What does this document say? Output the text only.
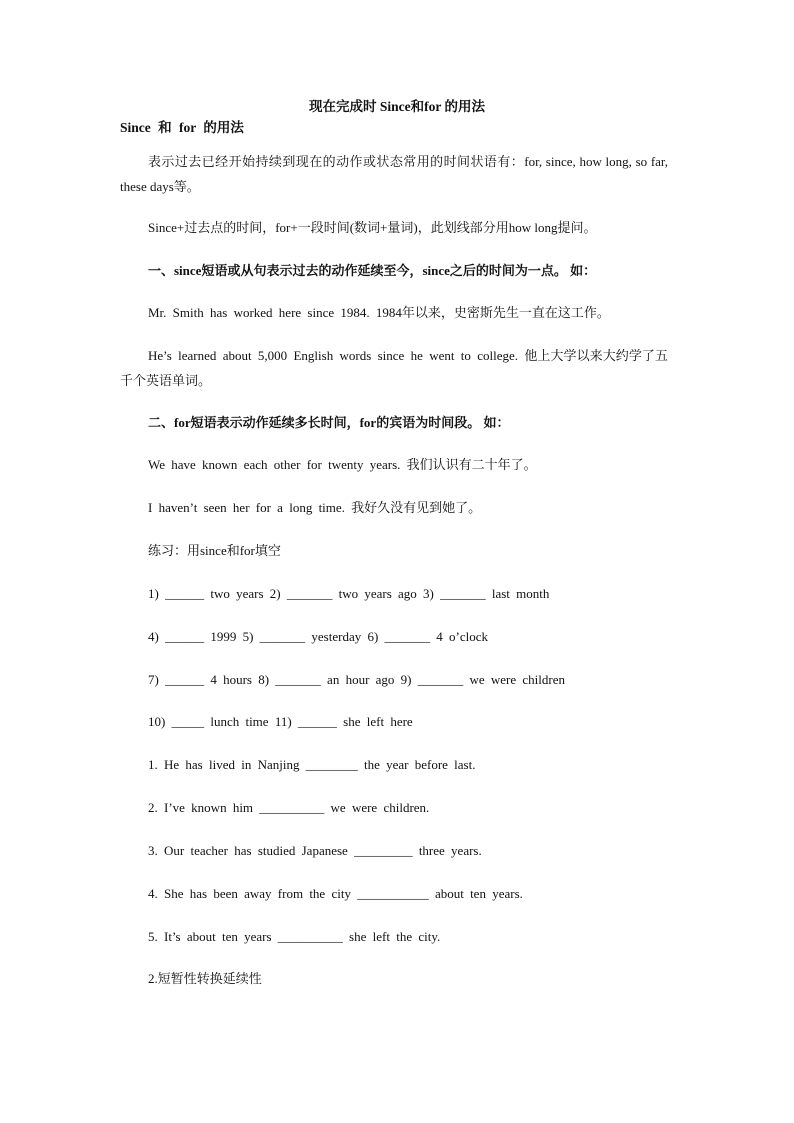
现在完成时 Since和for 的用法
Since 和 for 的用法
表示过去已经开始持续到现在的动作或状态常用的时间状语有：for, since, how long, so far, these days等。
Since+过去点的时间，for+一段时间(数词+量词)，此划线部分用how long提问。
一、since短语或从句表示过去的动作延续至今，since之后的时间为一点。 如：
Mr. Smith has worked here since 1984. 1984年以来，史密斯先生一直在这工作。
He’s learned about 5,000 English words since he went to college. 他上大学以来大约学了五千个英语单词。
二、for短语表示动作延续多长时间，for的宾语为时间段。 如：
We have known each other for twenty years. 我们认识有二十年了。
I haven’t seen her for a long time. 我好久没有见到她了。
练习：用since和for填空
1) ______ two years 2) _______ two years ago 3) _______ last month
4) ______ 1999 5) _______ yesterday 6) _______ 4 o’clock
7) ______ 4 hours 8) _______ an hour ago 9) _______ we were children
10) _____ lunch time 11) ______ she left here
1. He has lived in Nanjing ________ the year before last.
2. I’ve known him __________ we were children.
3. Our teacher has studied Japanese _________ three years.
4. She has been away from the city ___________ about ten years.
5. It’s about ten years __________ she left the city.
2.短暂性转换延续性
